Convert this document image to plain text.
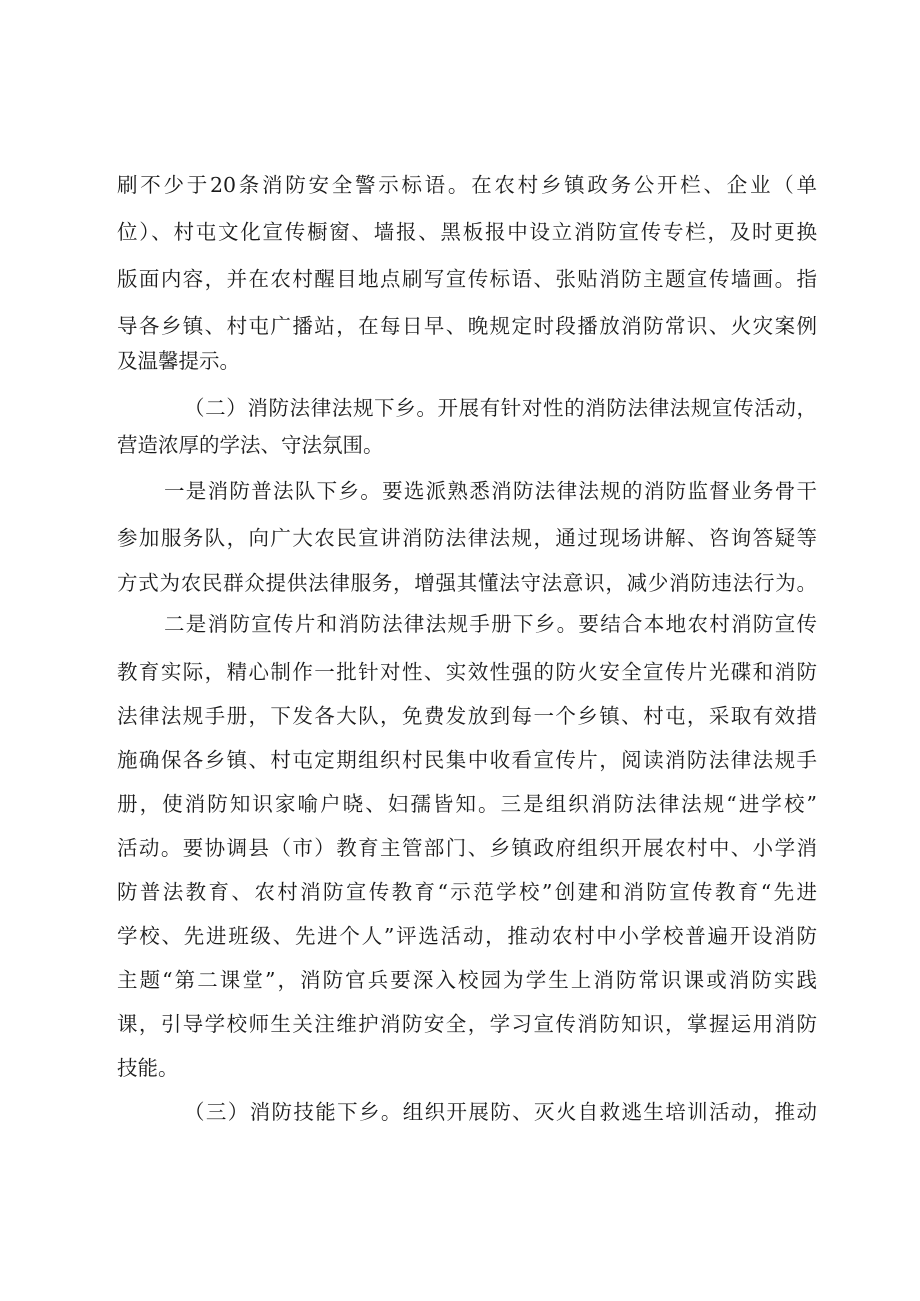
刷不少于20条消防安全警示标语。在农村乡镇政务公开栏、企业（单
位）、村屯文化宣传橱窗、墙报、黑板报中设立消防宣传专栏，及时更换
版面内容，并在农村醒目地点刷写宣传标语、张贴消防主题宣传墙画。指
导各乡镇、村屯广播站，在每日早、晚规定时段播放消防常识、火灾案例
及温馨提示。
（二）消防法律法规下乡。开展有针对性的消防法律法规宣传活动，
营造浓厚的学法、守法氛围。
一是消防普法队下乡。要选派熟悉消防法律法规的消防监督业务骨干
参加服务队，向广大农民宣讲消防法律法规，通过现场讲解、咨询答疑等
方式为农民群众提供法律服务，增强其懂法守法意识，减少消防违法行为。
二是消防宣传片和消防法律法规手册下乡。要结合本地农村消防宣传
教育实际，精心制作一批针对性、实效性强的防火安全宣传片光碟和消防
法律法规手册，下发各大队，免费发放到每一个乡镇、村屯，采取有效措
施确保各乡镇、村屯定期组织村民集中收看宣传片，阅读消防法律法规手
册，使消防知识家喻户晓、妇孺皆知。三是组织消防法律法规“进学校”
活动。要协调县（市）教育主管部门、乡镇政府组织开展农村中、小学消
防普法教育、农村消防宣传教育“示范学校”创建和消防宣传教育“先进
学校、先进班级、先进个人”评选活动，推动农村中小学校普遍开设消防
主题“第二课堂”，消防官兵要深入校园为学生上消防常识课或消防实践
课，引导学校师生关注维护消防安全，学习宣传消防知识，掌握运用消防
技能。
（三）消防技能下乡。组织开展防、灭火自救逃生培训活动，推动
